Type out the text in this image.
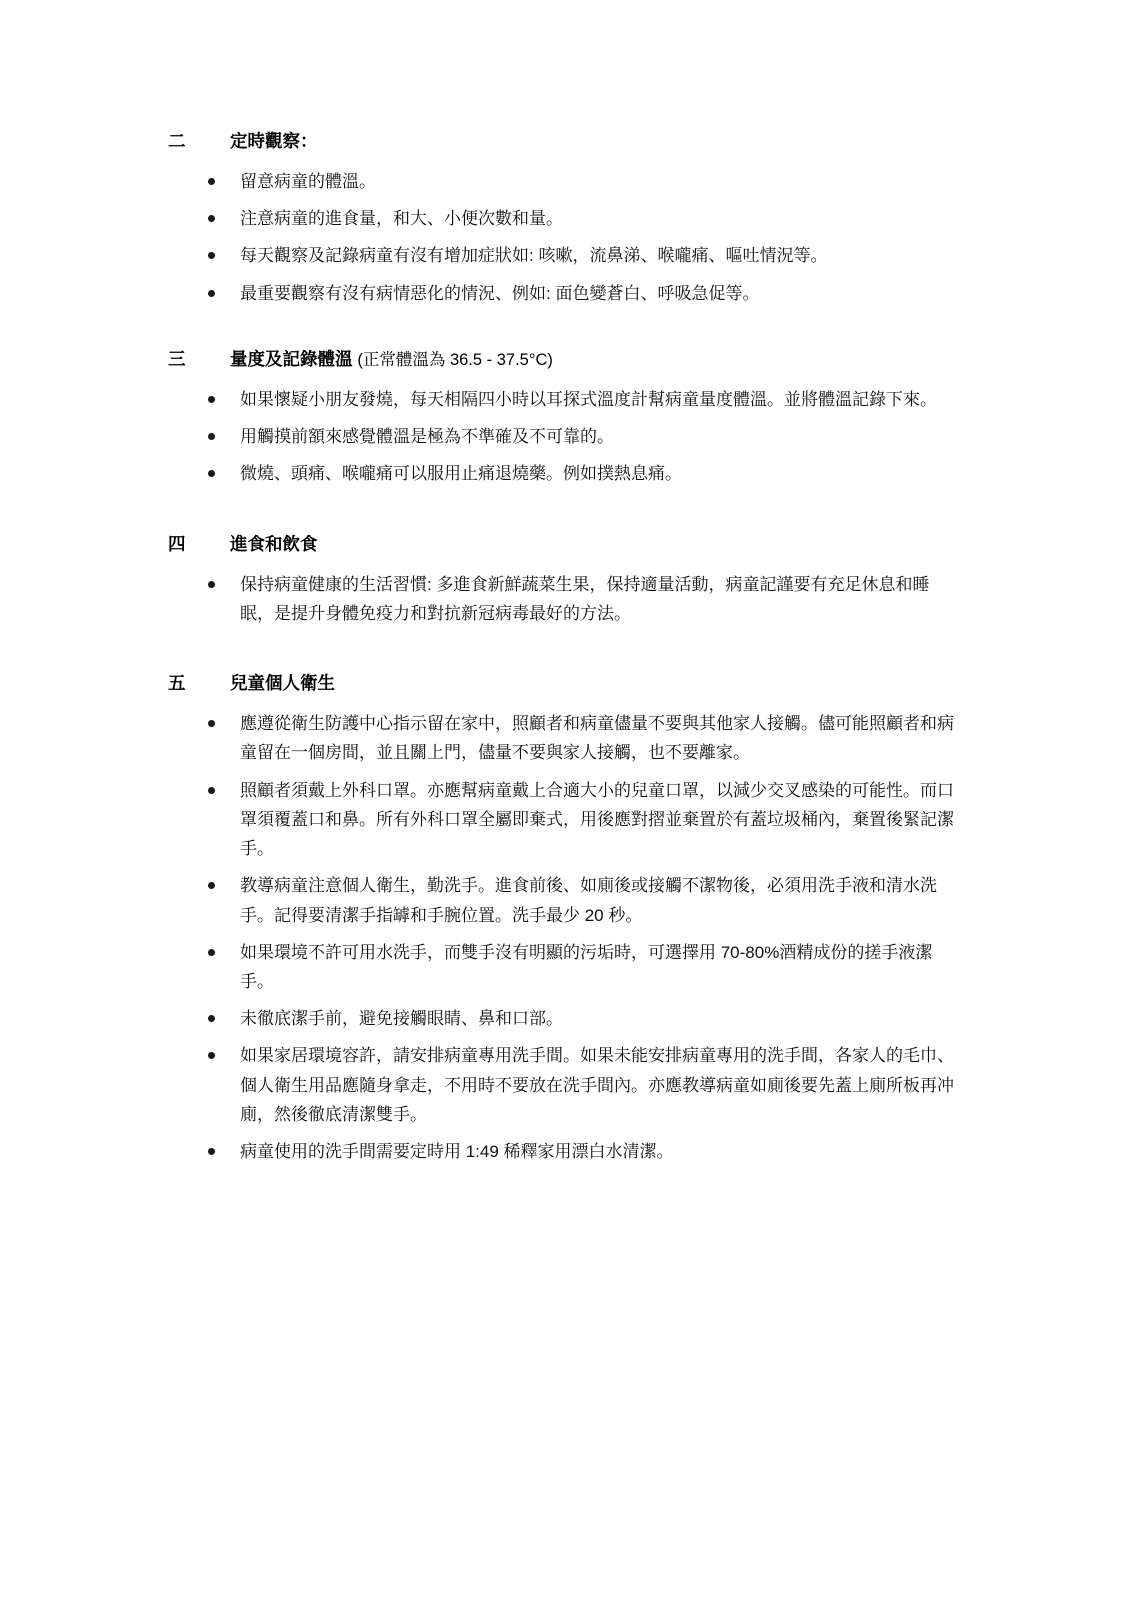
二	定時觀察：
留意病童的體溫。
注意病童的進食量，和大、小便次數和量。
每天觀察及記錄病童有沒有增加症狀如: 咳嗽，流鼻涕、喉嚨痛、嘔吐情況等。
最重要觀察有沒有病情惡化的情況、例如: 面色變蒼白、呼吸急促等。
三	量度及記錄體溫 (正常體溫為 36.5 - 37.5°C)
如果懷疑小朋友發燒，每天相隔四小時以耳探式溫度計幫病童量度體溫。並將體溫記錄下來。
用觸摸前額來感覺體溫是極為不準確及不可靠的。
微燒、頭痛、喉嚨痛可以服用止痛退燒藥。例如撲熱息痛。
四	進食和飲食
保持病童健康的生活習慣: 多進食新鮮蔬菜生果，保持適量活動，病童記謹要有充足休息和睡眠，是提升身體免疫力和對抗新冠病毒最好的方法。
五	兒童個人衛生
應遵從衛生防護中心指示留在家中，照顧者和病童儘量不要與其他家人接觸。儘可能照顧者和病童留在一個房間，並且關上門，儘量不要與家人接觸，也不要離家。
照顧者須戴上外科口罩。亦應幫病童戴上合適大小的兒童口罩，以減少交叉感染的可能性。而口罩須覆蓋口和鼻。所有外科口罩全屬即棄式，用後應對摺並棄置於有蓋垃圾桶內，棄置後緊記潔手。
教導病童注意個人衛生，勤洗手。進食前後、如廁後或接觸不潔物後，必須用洗手液和清水洗手。記得要清潔手指罅和手腕位置。洗手最少 20 秒。
如果環境不許可用水洗手，而雙手沒有明顯的污垢時，可選擇用 70-80%酒精成份的搓手液潔手。
未徹底潔手前，避免接觸眼睛、鼻和口部。
如果家居環境容許，請安排病童專用洗手間。如果未能安排病童專用的洗手間，各家人的毛巾、個人衛生用品應隨身拿走，不用時不要放在洗手間內。亦應教導病童如廁後要先蓋上廁所板再冲廁，然後徹底清潔雙手。
病童使用的洗手間需要定時用 1:49 稀釋家用漂白水清潔。
